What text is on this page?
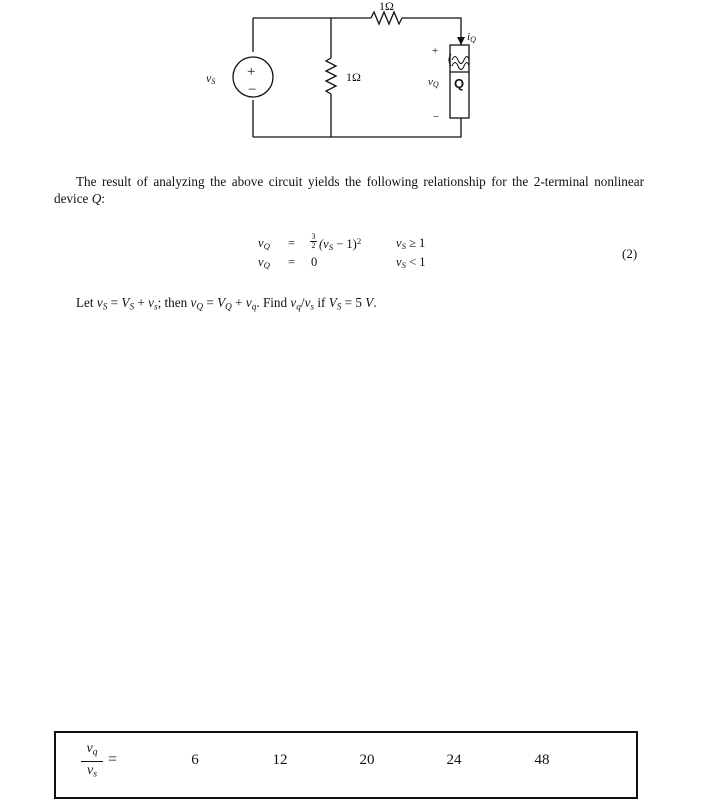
+
−
vS
1Ω
1Ω
+
−
vQ Q
iQ
The result of analyzing the above circuit yields the following relationship for the 2-terminal nonlinear device Q:
$v_Q = \frac{3}{2} (v_S - 1)^2$	$v_S \ge 1$
$v_Q = 0$	$v_S < 1$
(2)
Let $v_S = V_S + v_s$; then $v_Q = V_Q + v_q$. Find $v_q/v_s$ if $V_S = 5$ V.
$v_q$
$v_s$
=	6	12	20	24	48
